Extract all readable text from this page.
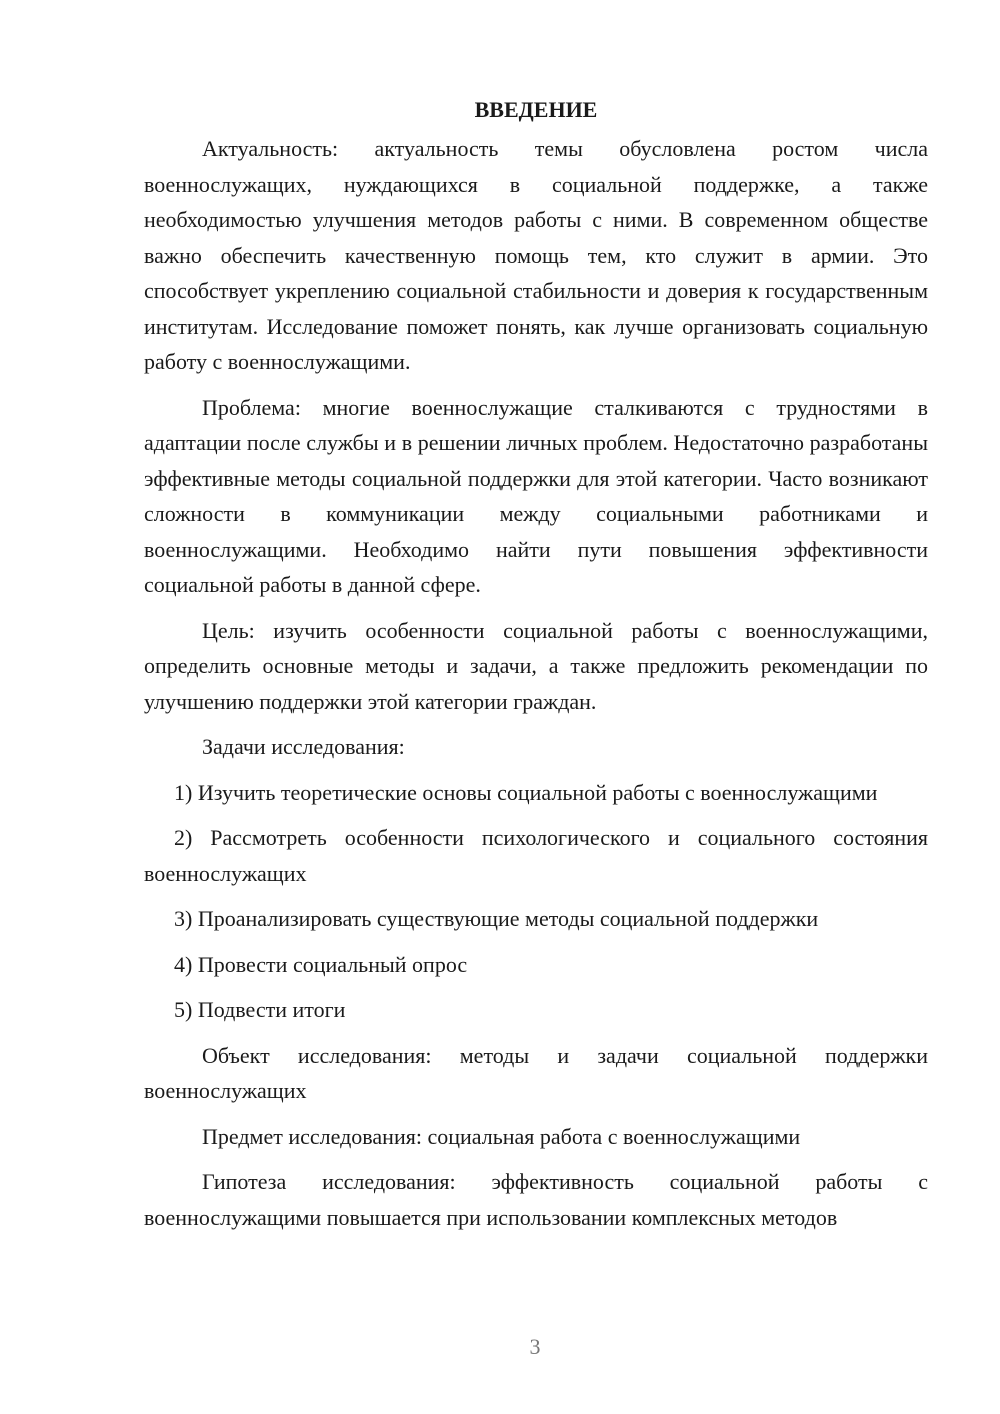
ВВЕДЕНИЕ

Актуальность: актуальность темы обусловлена ростом числа военнослужащих, нуждающихся в социальной поддержке, а также необходимостью улучшения методов работы с ними. В современном обществе важно обеспечить качественную помощь тем, кто служит в армии. Это способствует укреплению социальной стабильности и доверия к государственным институтам. Исследование поможет понять, как лучше организовать социальную работу с военнослужащими.

Проблема: многие военнослужащие сталкиваются с трудностями в адаптации после службы и в решении личных проблем. Недостаточно разработаны эффективные методы социальной поддержки для этой категории. Часто возникают сложности в коммуникации между социальными работниками и военнослужащими. Необходимо найти пути повышения эффективности социальной работы в данной сфере.

Цель: изучить особенности социальной работы с военнослужащими, определить основные методы и задачи, а также предложить рекомендации по улучшению поддержки этой категории граждан.

Задачи исследования:

1) Изучить теоретические основы социальной работы с военнослужащими

2) Рассмотреть особенности психологического и социального состояния военнослужащих

3) Проанализировать существующие методы социальной поддержки

4) Провести социальный опрос

5) Подвести итоги

Объект исследования: методы и задачи социальной поддержки военнослужащих

Предмет исследования: социальная работа с военнослужащими

Гипотеза исследования: эффективность социальной работы с военнослужащими повышается при использовании комплексных методов

3
